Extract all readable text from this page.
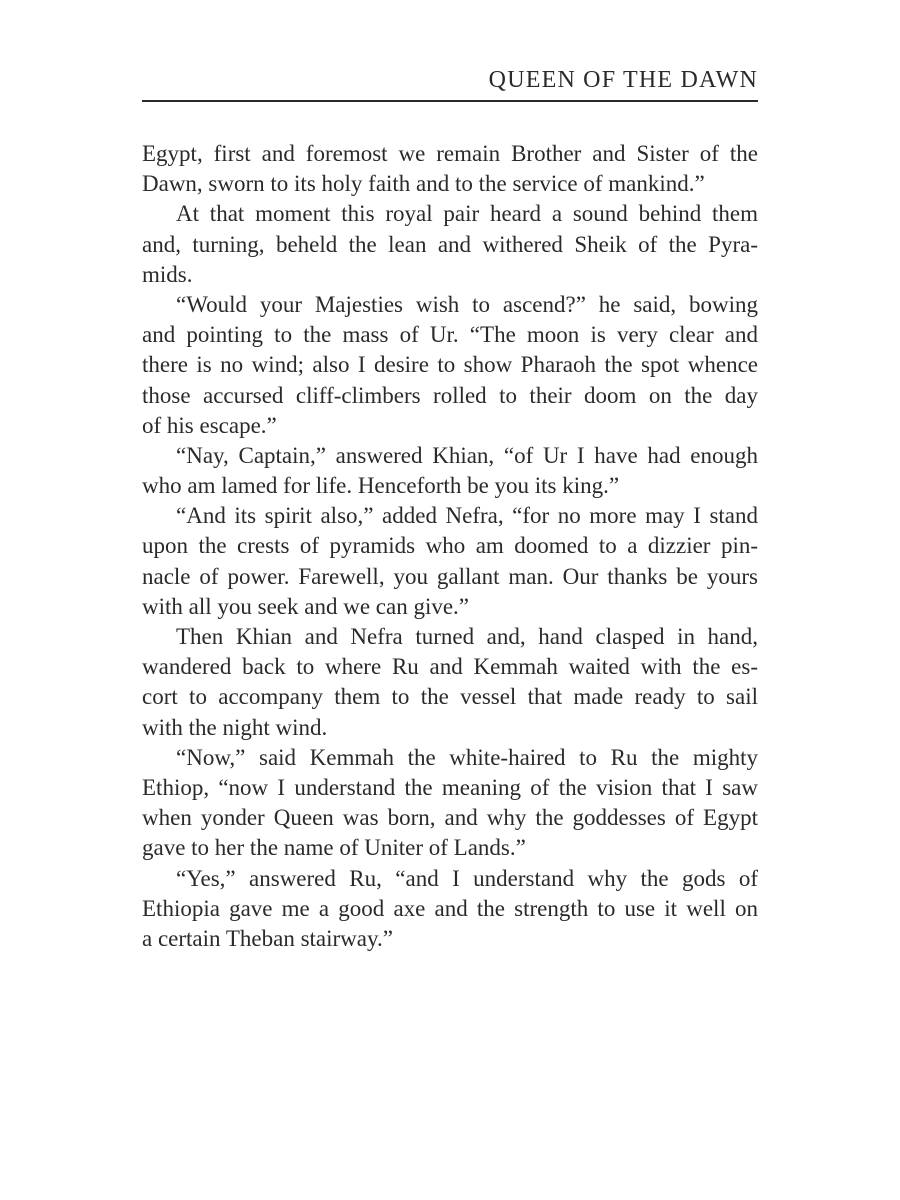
QUEEN OF THE DAWN
Egypt, first and foremost we remain Brother and Sister of the
Dawn, sworn to its holy faith and to the service of mankind.”
At that moment this royal pair heard a sound behind them
and, turning, beheld the lean and withered Sheik of the Pyra-
mids.
“Would your Majesties wish to ascend?” he said, bowing
and pointing to the mass of Ur. “The moon is very clear and
there is no wind; also I desire to show Pharaoh the spot whence
those accursed cliff-climbers rolled to their doom on the day
of his escape.”
“Nay, Captain,” answered Khian, “of Ur I have had enough
who am lamed for life. Henceforth be you its king.”
“And its spirit also,” added Nefra, “for no more may I stand
upon the crests of pyramids who am doomed to a dizzier pin-
nacle of power. Farewell, you gallant man. Our thanks be yours
with all you seek and we can give.”
Then Khian and Nefra turned and, hand clasped in hand,
wandered back to where Ru and Kemmah waited with the es-
cort to accompany them to the vessel that made ready to sail
with the night wind.
“Now,” said Kemmah the white-haired to Ru the mighty
Ethiop, “now I understand the meaning of the vision that I saw
when yonder Queen was born, and why the goddesses of Egypt
gave to her the name of Uniter of Lands.”
“Yes,” answered Ru, “and I understand why the gods of
Ethiopia gave me a good axe and the strength to use it well on
a certain Theban stairway.”
